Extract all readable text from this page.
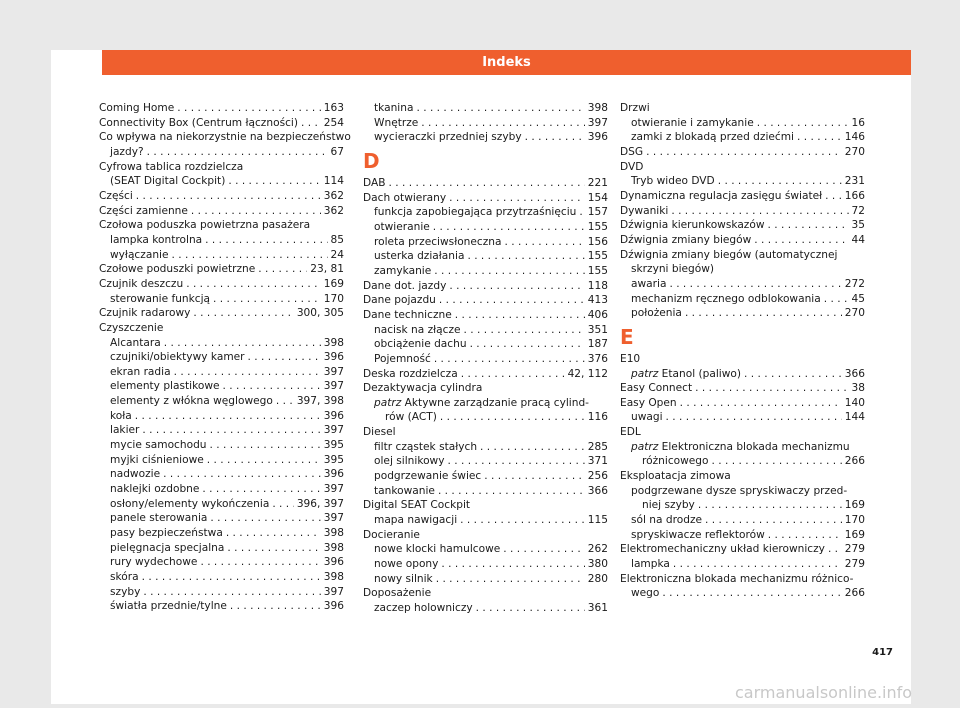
Indeks
Coming Home . . .	163
Connectivity Box (Centrum łączności) . . . 254
Co wpływa na niekorzystnie na bezpieczeństwo
jazdy? . . .	67
Cyfrowa tablica rozdzielcza
(SEAT Digital Cockpit) . . .	114
Części . . .	362
Części zamienne . . .	362
Czołowa poduszka powietrzna pasażera
lampka kontrolna . . .	85
wyłączanie . . .	24
Czołowe poduszki powietrzne . . .	23, 81
Czujnik deszczu . . .	169
sterowanie funkcją . . .	170
Czujnik radarowy . . .	300, 305
Czyszczenie
Alcantara . . .	398
czujniki/obiektywy kamer . . .	396
ekran radia . . .	397
elementy plastikowe . . .	397
elementy z włókna węglowego . . . 397, 398
koła . . .	396
lakier . . .	397
mycie samochodu . . .	395
myjki ciśnieniowe . . .	395
nadwozie . . .	396
naklejki ozdobne . . .	397
osłony/elementy wykończenia . . .	396, 397
panele sterowania . . .	397
pasy bezpieczeństwa . . .	398
pielęgnacja specjalna . . .	398
rury wydechowe . . .	396
skóra . . .	398
szyby . . .	397
światła przednie/tylne . . .	396
tkanina . . .	398
Wnętrze . . .	397
wycieraczki przedniej szyby . . .	396
D
DAB . . .	221
Dach otwierany . . .	154
funkcja zapobiegająca przytrzaśnięciu . . . 157
otwieranie . . .	155
roleta przeciwsłoneczna . . .	156
usterka działania . . .	155
zamykanie . . .	155
Dane dot. jazdy . . .	118
Dane pojazdu . . .	413
Dane techniczne . . .	406
nacisk na złącze . . .	351
obciążenie dachu . . .	187
Pojemność . . .	376
Deska rozdzielcza . . .	42, 112
Dezaktywacja cylindra
patrz Aktywne zarządzanie pracą cylind-
rów (ACT) . . .	116
Diesel
filtr cząstek stałych . . .	285
olej silnikowy . . .	371
podgrzewanie świec . . .	256
tankowanie . . .	366
Digital SEAT Cockpit
mapa nawigacji . . .	115
Docieranie
nowe klocki hamulcowe . . .	262
nowe opony . . .	380
nowy silnik . . .	280
Doposażenie
zaczep holowniczy . . .	361
Drzwi
otwieranie i zamykanie . . .	16
zamki z blokadą przed dziećmi . . .	146
DSG . . .	270
DVD
Tryb wideo DVD . . .	231
Dynamiczna regulacja zasięgu świateł . . . 166
Dywaniki . . .	72
Dźwignia kierunkowskazów . . .	35
Dźwignia zmiany biegów . . .	44
Dźwignia zmiany biegów (automatycznej
skrzyni biegów)
awaria . . .	272
mechanizm ręcznego odblokowania . . .	45
położenia . . .	270
E
E10
patrz Etanol (paliwo) . . .	366
Easy Connect . . .	38
Easy Open . . .	140
uwagi . . .	144
EDL
patrz Elektroniczna blokada mechanizmu
różnicowego . . .	266
Eksploatacja zimowa
podgrzewane dysze spryskiwaczy przed-
niej szyby . . .	169
sól na drodze . . .	170
spryskiwacze reflektorów . . .	169
Elektromechaniczny układ kierowniczy . . . 279
lampka . . .	279
Elektroniczna blokada mechanizmu różnico-
wego . . .	266
417
carmanualsonline.info
